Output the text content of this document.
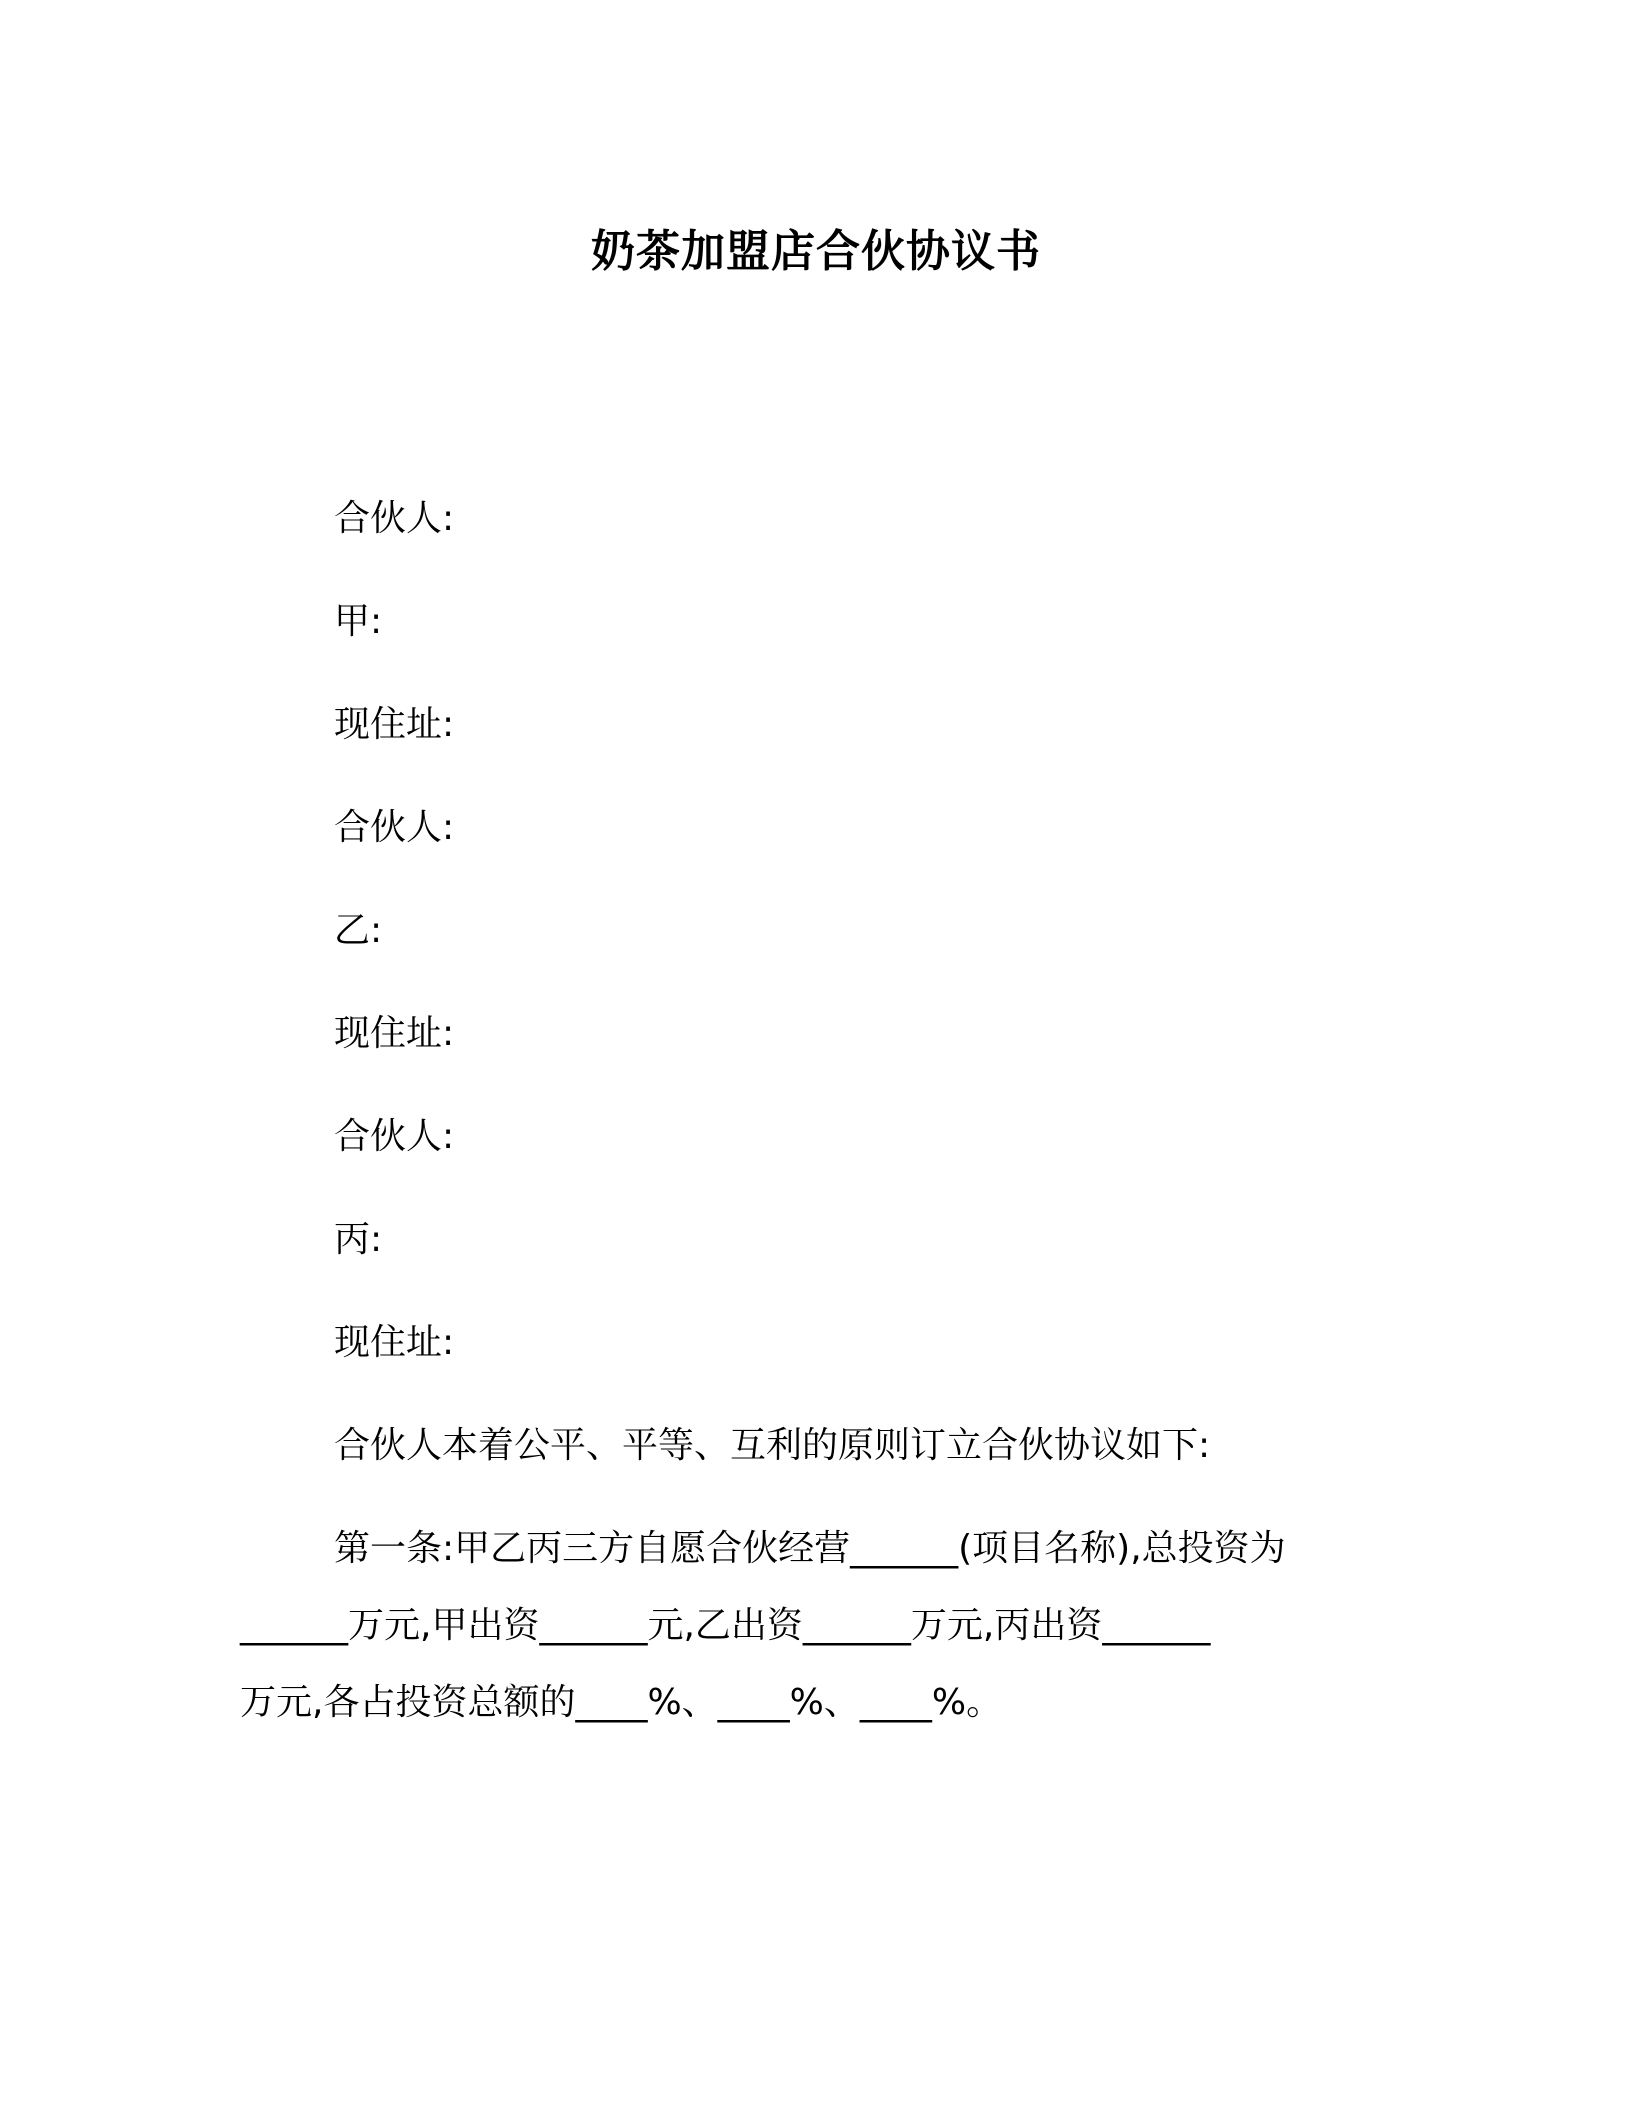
奶茶加盟店合伙协议书
合伙人:
甲:
现住址:
合伙人:
乙:
现住址:
合伙人:
丙:
现住址:
合伙人本着公平、平等、互利的原则订立合伙协议如下:
第一条:甲乙丙三方自愿合伙经营______(项目名称),总投资为
______万元,甲出资______元,乙出资______万元,丙出资______
万元,各占投资总额的____%、____%、____%。
